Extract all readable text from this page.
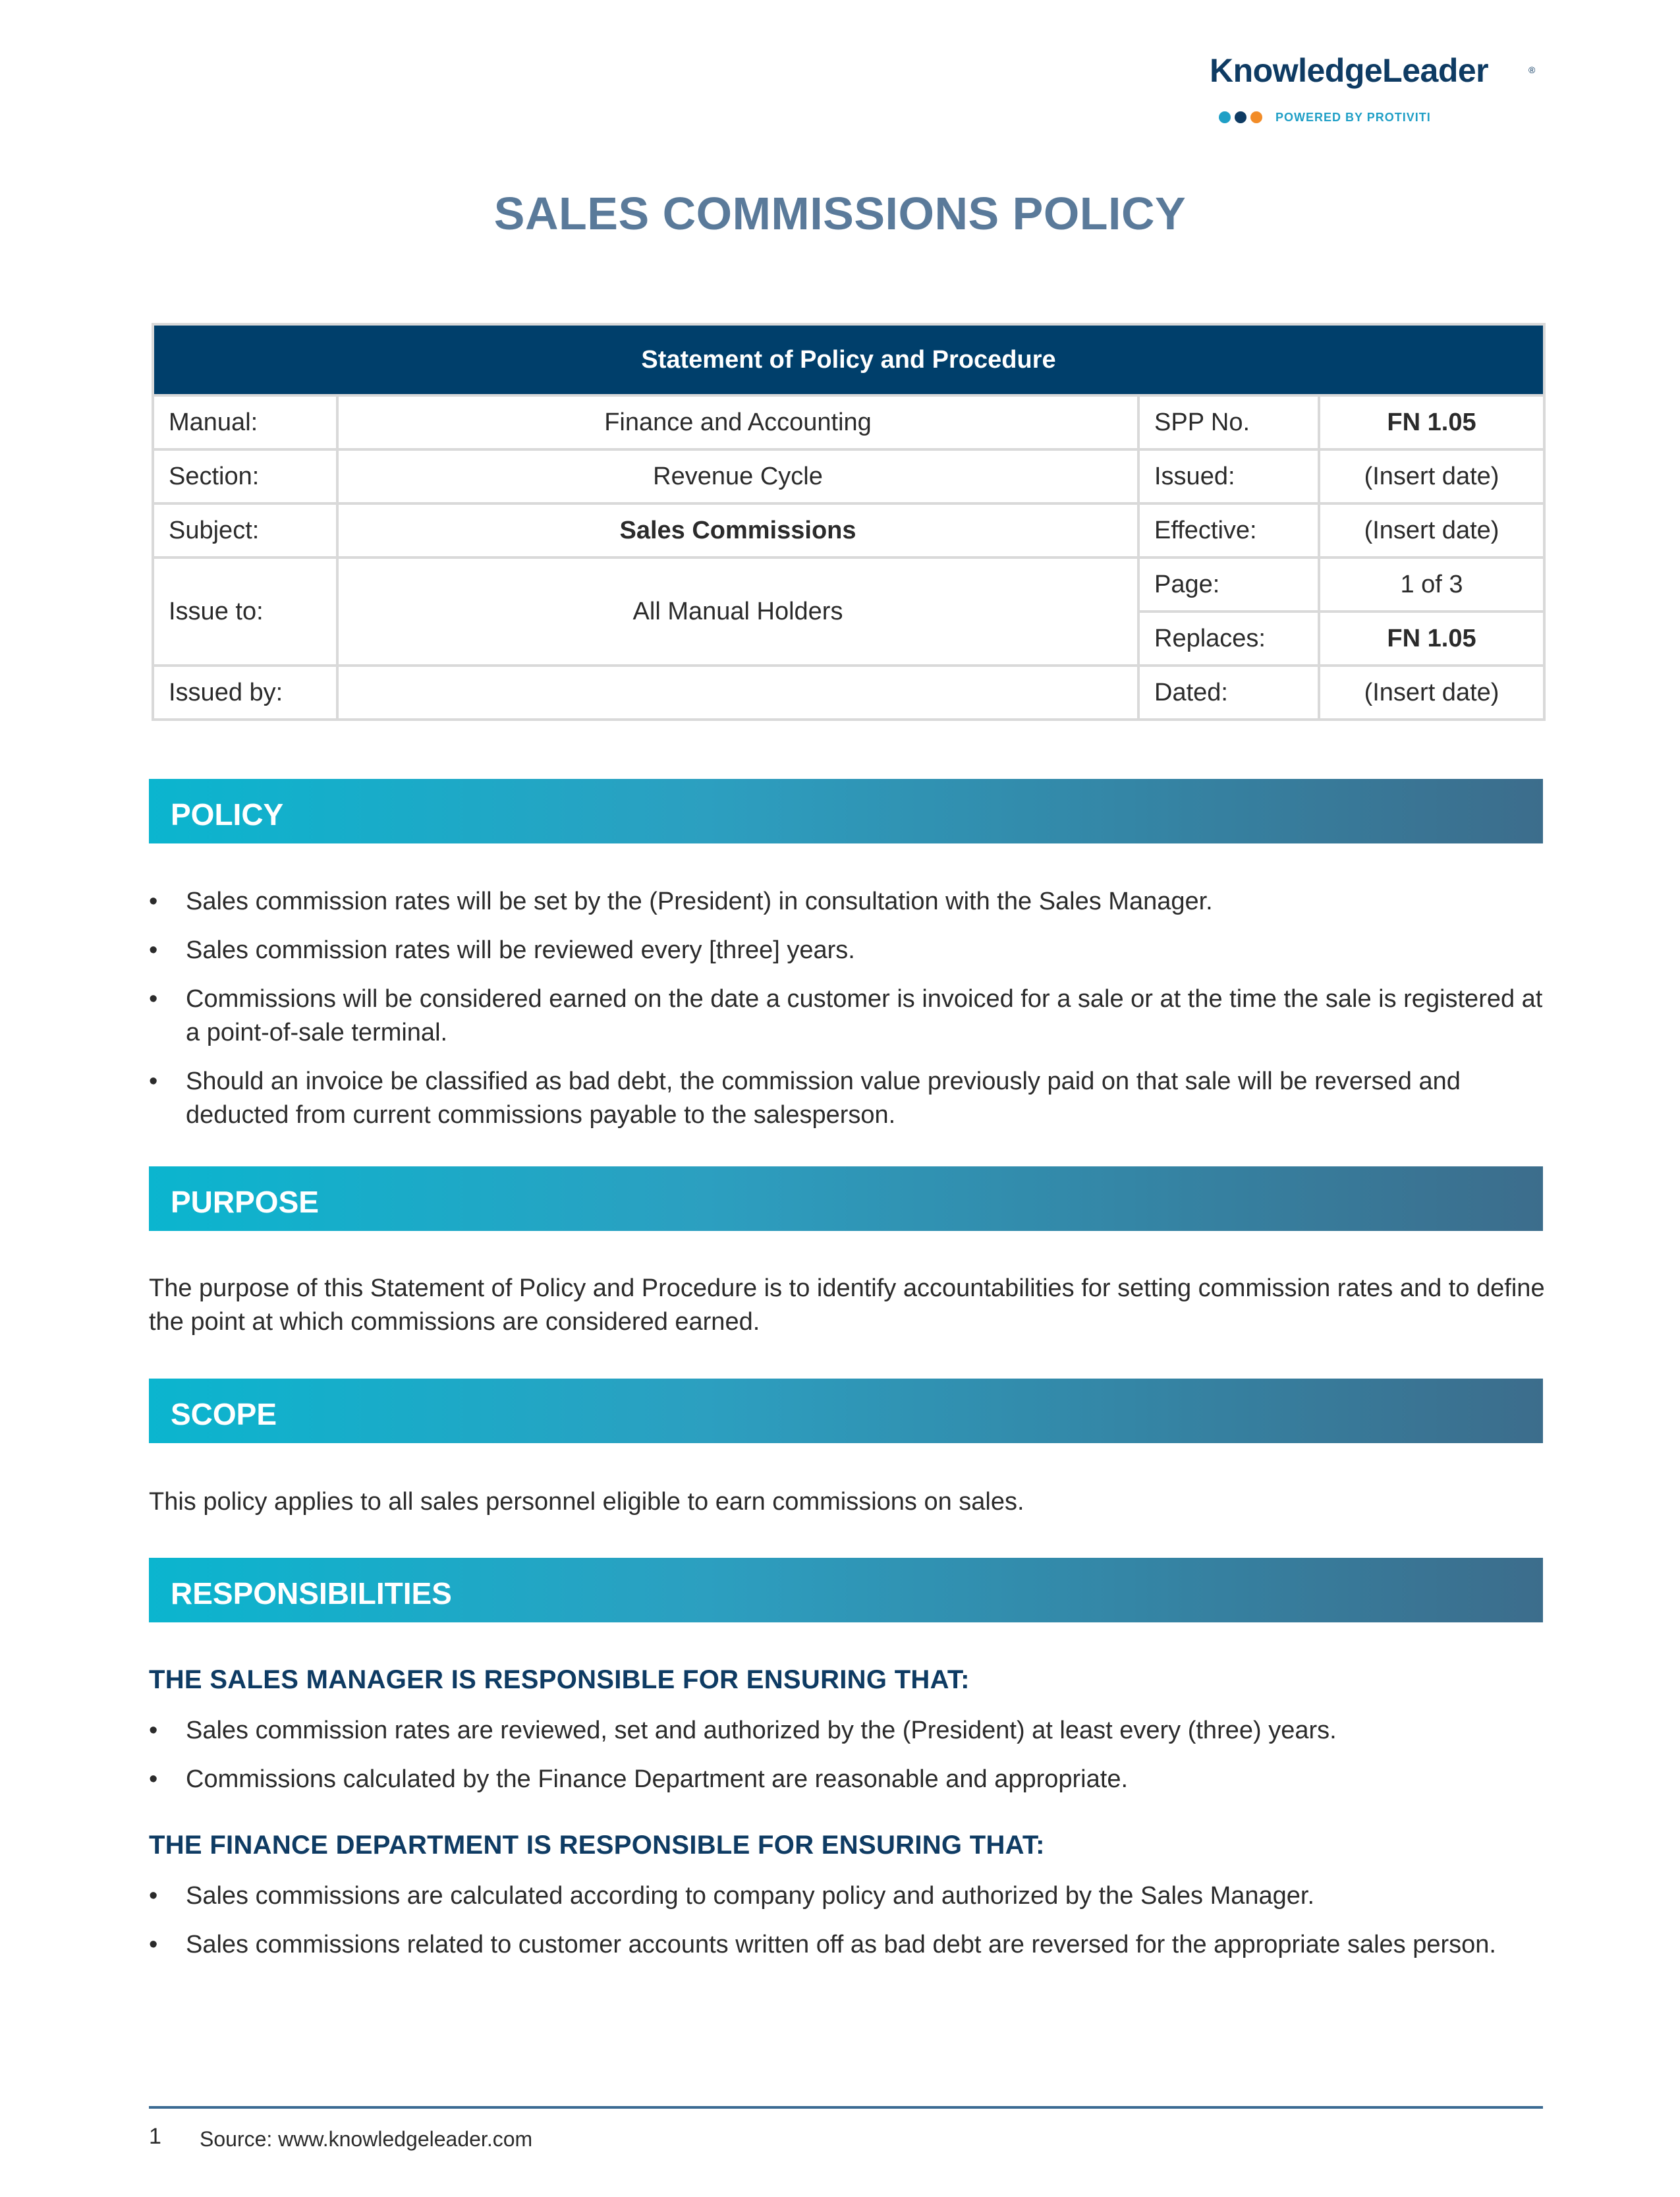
KnowledgeLeader	®
POWERED BY PROTIVITI
SALES COMMISSIONS POLICY
Statement of Policy and Procedure			
Manual:	Finance and Accounting	SPP No.	FN 1.05
Section:	Revenue Cycle	Issued:	(Insert date)
Subject:	Sales Commissions	Effective:	(Insert date)
Issue to:	All Manual Holders	Page:	1 of 3
		Replaces:	FN 1.05
Issued by:		Dated:	(Insert date)
POLICY
• Sales commission rates will be set by the (President) in consultation with the Sales Manager.
• Sales commission rates will be reviewed every [three] years.
• Commissions will be considered earned on the date a customer is invoiced for a sale or at the time the sale is registered at a point-of-sale terminal.
• Should an invoice be classified as bad debt, the commission value previously paid on that sale will be reversed and deducted from current commissions payable to the salesperson.
PURPOSE

The purpose of this Statement of Policy and Procedure is to identify accountabilities for setting commission rates and to define the point at which commissions are considered earned.

SCOPE

This policy applies to all sales personnel eligible to earn commissions on sales.

RESPONSIBILITIES

THE SALES MANAGER IS RESPONSIBLE FOR ENSURING THAT:

• Sales commission rates are reviewed, set and authorized by the (President) at least every (three) years.
• Commissions calculated by the Finance Department are reasonable and appropriate.

THE FINANCE DEPARTMENT IS RESPONSIBLE FOR ENSURING THAT:

• Sales commissions are calculated according to company policy and authorized by the Sales Manager.
• Sales commissions related to customer accounts written off as bad debt are reversed for the appropriate sales person.
1 Source: www.knowledgeleader.com
